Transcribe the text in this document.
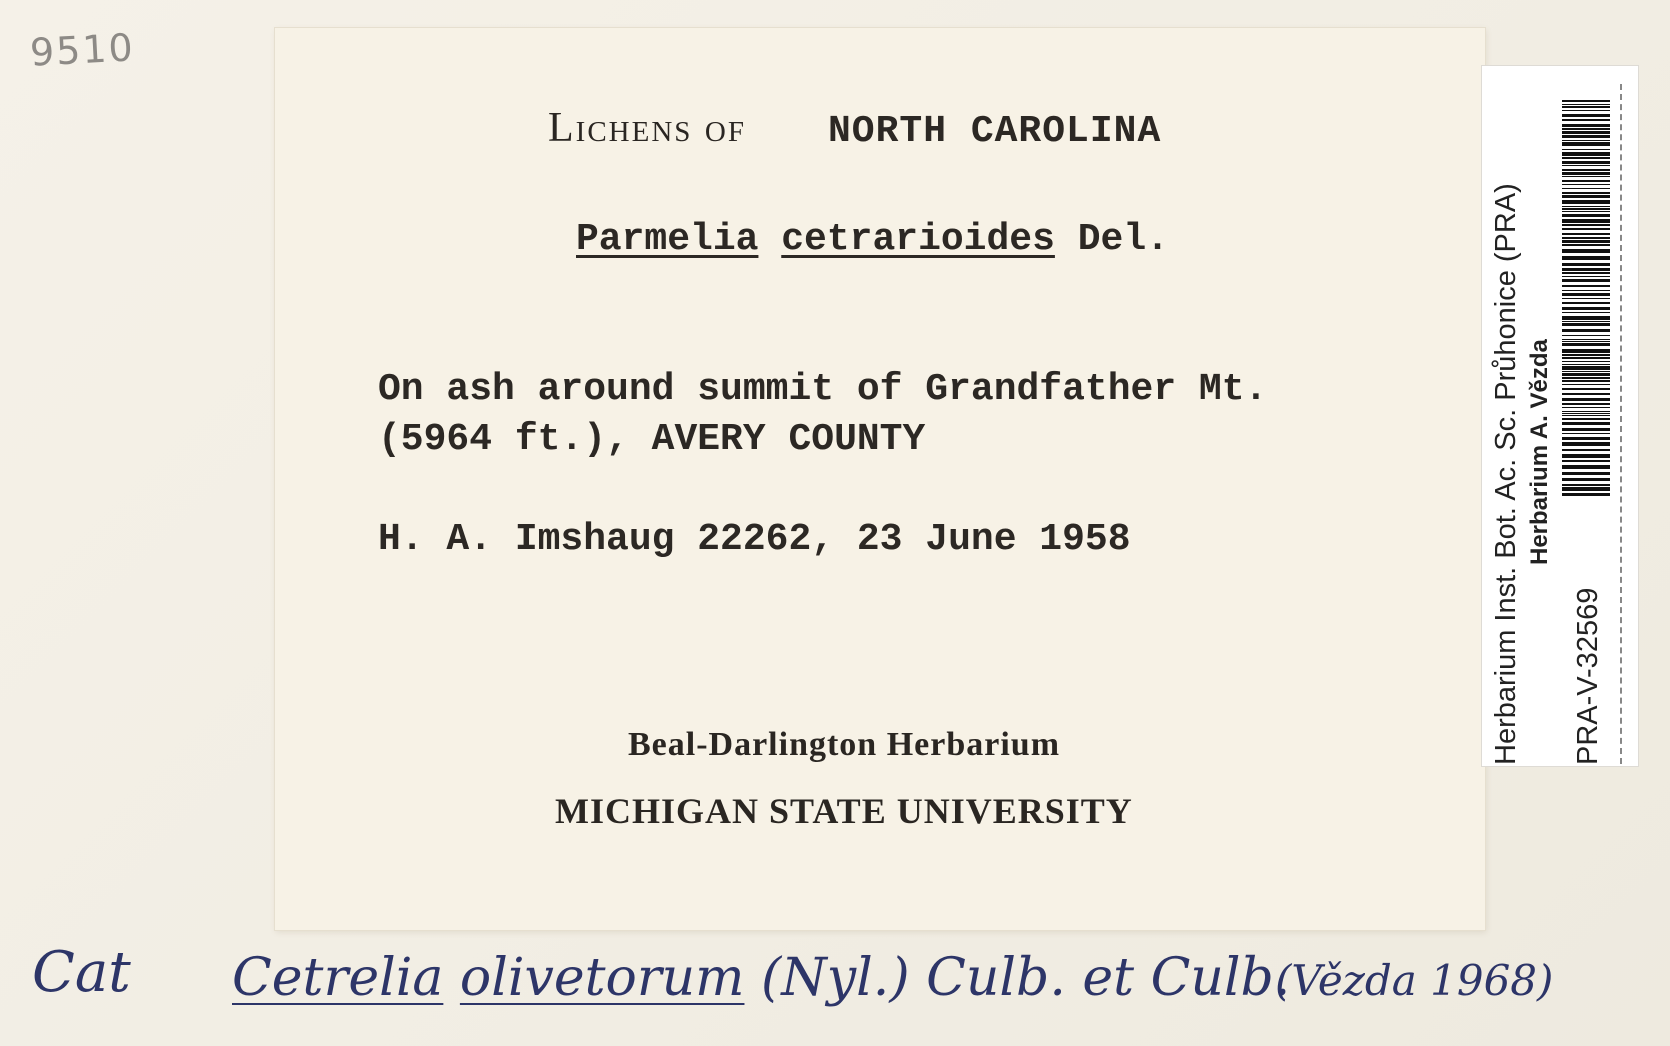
9510
Lichens of NORTH CAROLINA
Parmelia cetrarioides Del.
On ash around summit of Grandfather Mt.
(5964 ft.), AVERY COUNTY
H. A. Imshaug 22262, 23 June 1958
Beal-Darlington Herbarium
MICHIGAN STATE UNIVERSITY
Herbarium Inst. Bot. Ac. Sc. Průhonice (PRA) Herbarium A. Vězda
PRA-V-32569
Cat Cetrelia olivetorum (Nyl.) Culb. et Culb.
(Vězda 1968)
